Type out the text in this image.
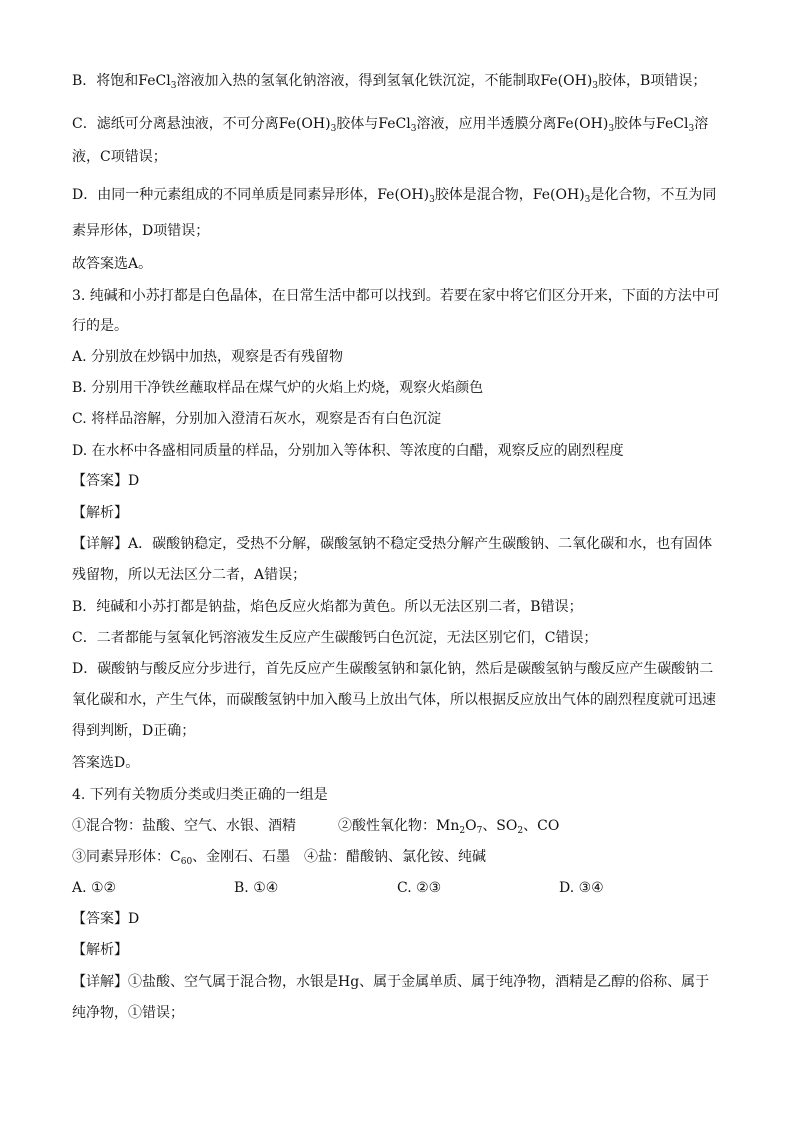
B．将饱和FeCl$_3$溶液加入热的氢氧化钠溶液，得到氢氧化铁沉淀，不能制取$Fe(OH)_3$胶体，B项错误；
C．滤纸可分离悬浊液，不可分离$Fe(OH)_3$胶体与FeCl$_3$溶液，应用半透膜分离$Fe(OH)_3$胶体与FeCl$_3$溶
液，C项错误；
D．由同一种元素组成的不同单质是同素异形体，$Fe(OH)_3$胶体是混合物，$Fe(OH)_3$是化合物，不互为同
素异形体，D项错误；
故答案选A。
3. 纯碱和小苏打都是白色晶体，在日常生活中都可以找到。若要在家中将它们区分开来，下面的方法中可
行的是。
A. 分别放在炒锅中加热，观察是否有残留物
B. 分别用干净铁丝蘸取样品在煤气炉的火焰上灼烧，观察火焰颜色
C. 将样品溶解，分别加入澄清石灰水，观察是否有白色沉淀
D. 在水杯中各盛相同质量的样品，分别加入等体积、等浓度的白醋，观察反应的剧烈程度
【答案】D
【解析】
【详解】A．碳酸钠稳定，受热不分解，碳酸氢钠不稳定受热分解产生碳酸钠、二氧化碳和水，也有固体
残留物，所以无法区分二者，A错误；
B．纯碱和小苏打都是钠盐，焰色反应火焰都为黄色。所以无法区别二者，B错误；
C．二者都能与氢氧化钙溶液发生反应产生碳酸钙白色沉淀，无法区别它们，C错误；
D．碳酸钠与酸反应分步进行，首先反应产生碳酸氢钠和氯化钠，然后是碳酸氢钠与酸反应产生碳酸钠二
氧化碳和水，产生气体，而碳酸氢钠中加入酸马上放出气体，所以根据反应放出气体的剧烈程度就可迅速
得到判断，D正确；
答案选D。
4. 下列有关物质分类或归类正确的一组是
①混合物：盐酸、空气、水银、酒精	②酸性氧化物：$Mn_2O_7$、$SO_2$、CO
③同素异形体：$C_{60}$、金刚石、石墨 ④盐：醋酸钠、氯化铵、纯碱
A. ①②	B. ①④	C. ②③	D. ③④
【答案】D
【解析】
【详解】①盐酸、空气属于混合物，水银是Hg、属于金属单质、属于纯净物，酒精是乙醇的俗称、属于
纯净物，①错误；
